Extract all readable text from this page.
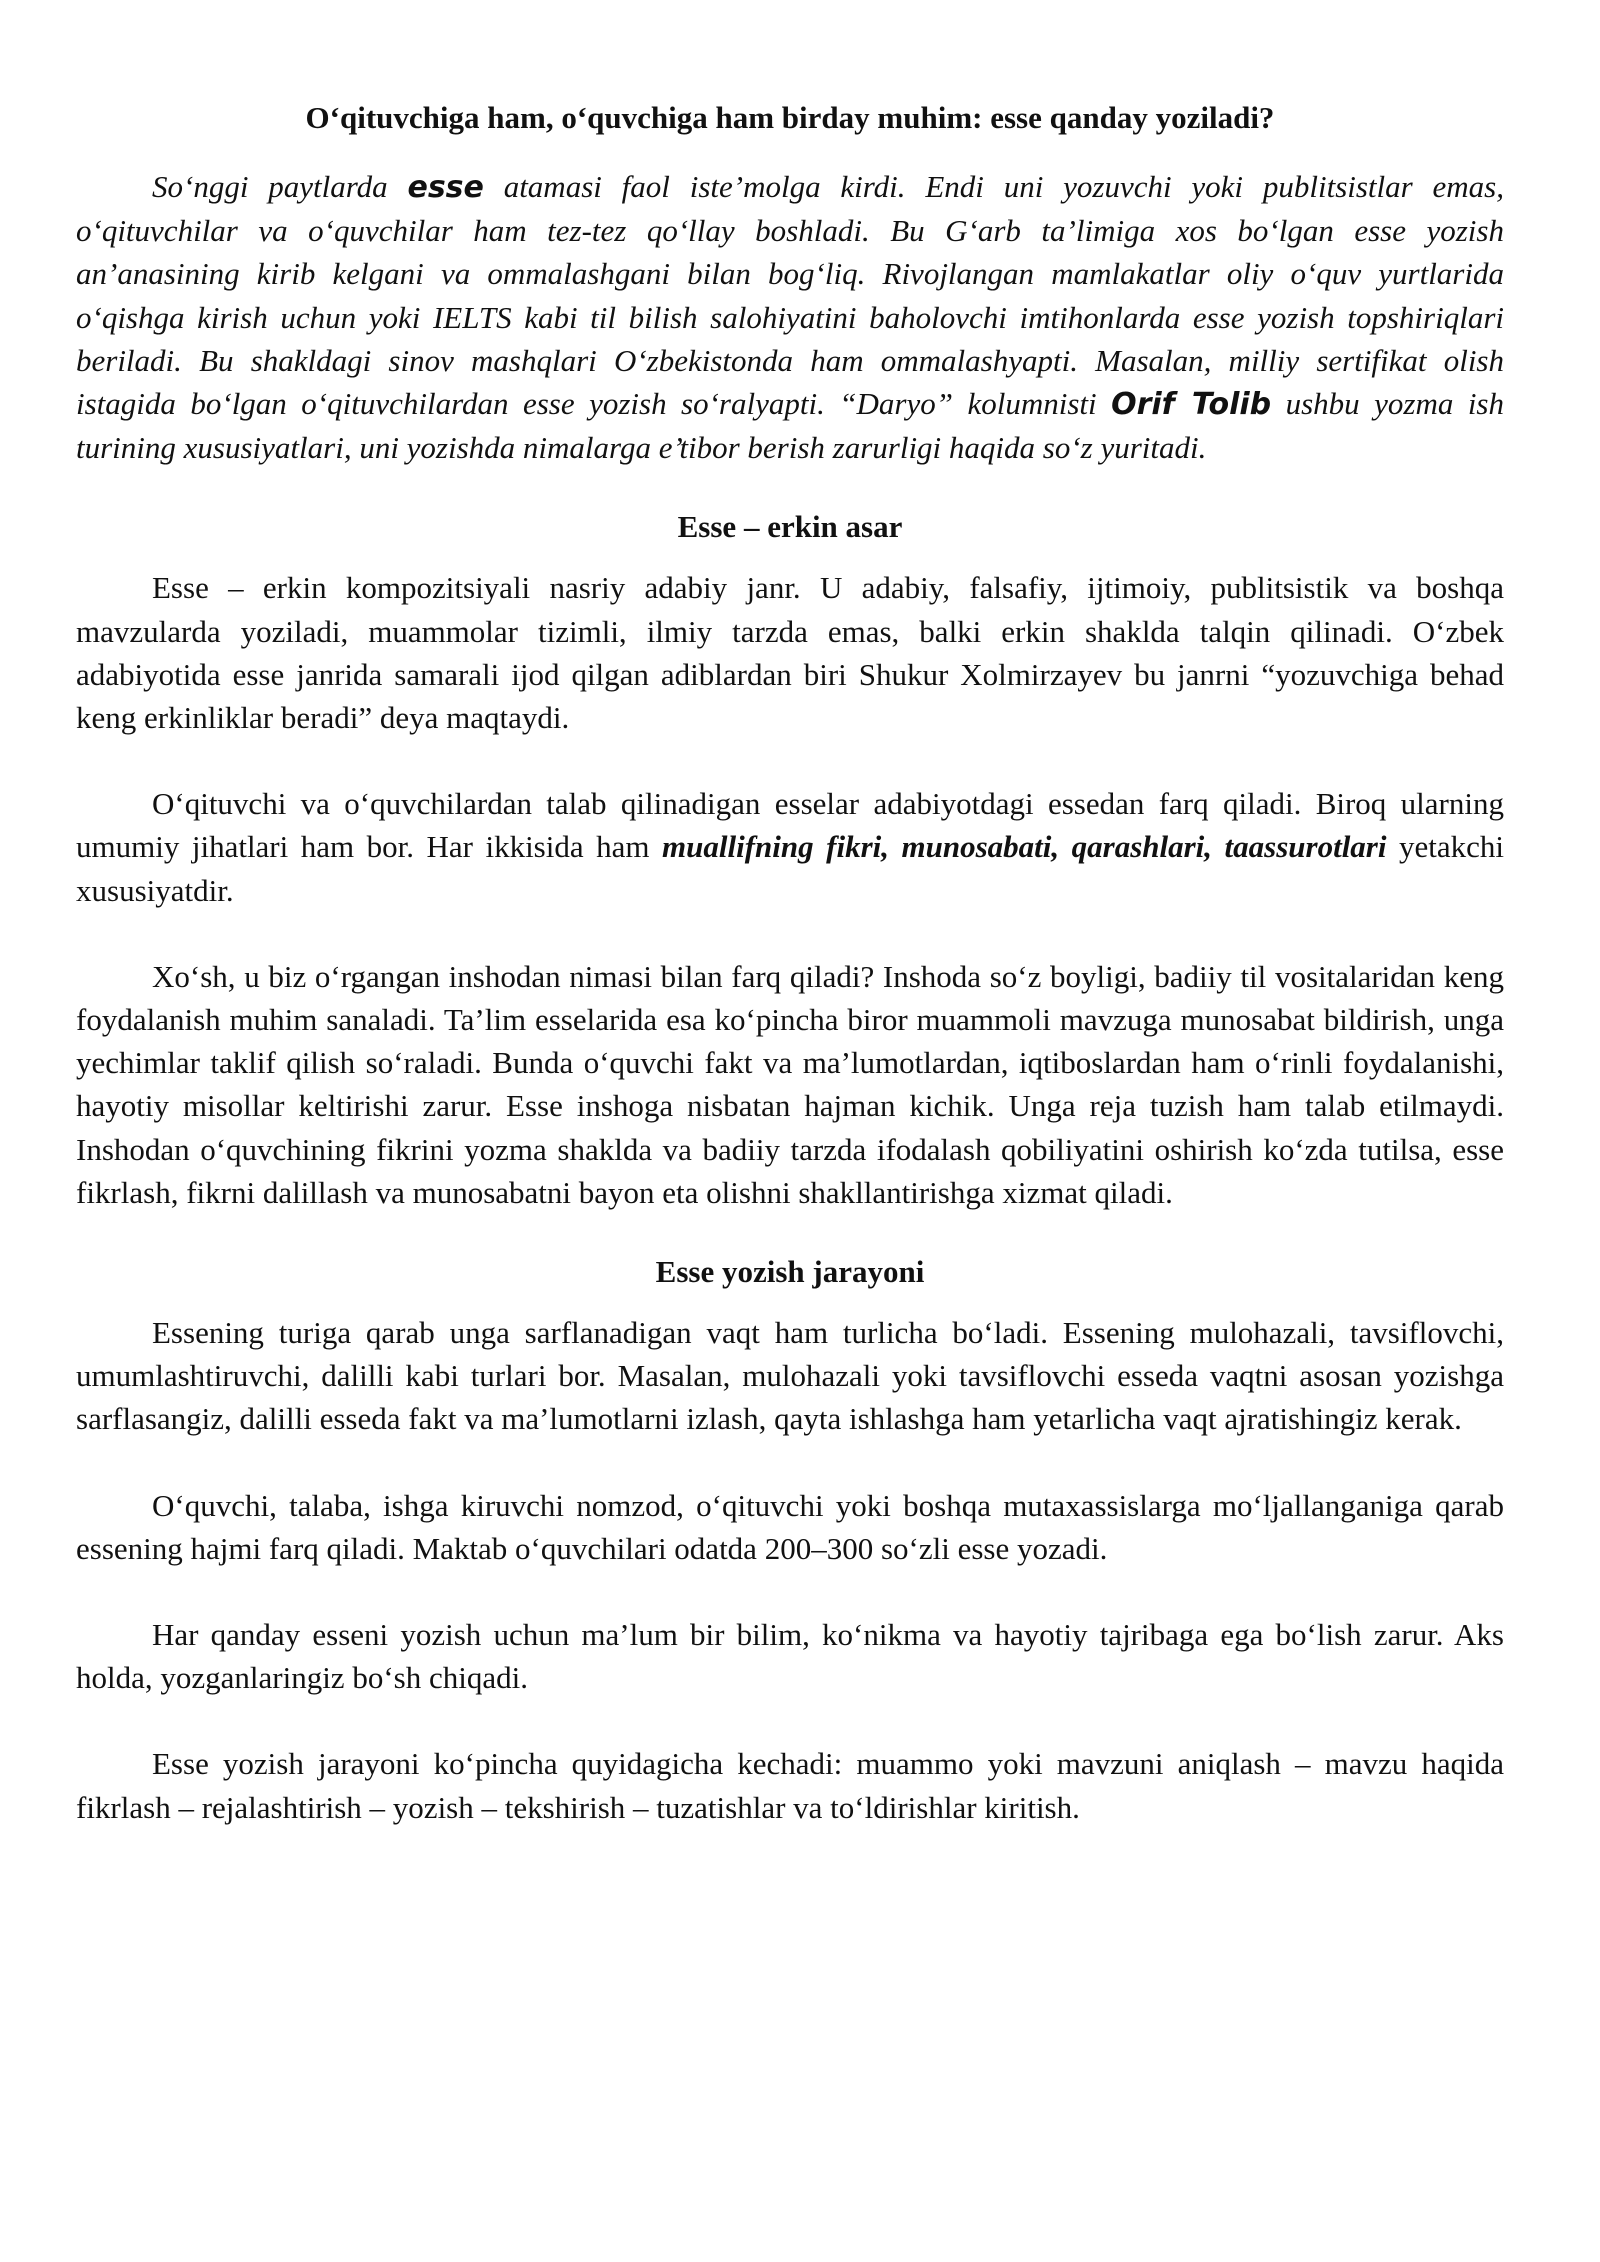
O‘qituvchiga ham, o‘quvchiga ham birday muhim: esse qanday yoziladi?

So‘nggi paytlarda esse atamasi faol iste’molga kirdi. Endi uni yozuvchi yoki publitsistlar emas, o‘qituvchilar va o‘quvchilar ham tez-tez qo‘llay boshladi. Bu G‘arb ta’limiga xos bo‘lgan esse yozish an’anasining kirib kelgani va ommalashgani bilan bog‘liq. Rivojlangan mamlakatlar oliy o‘quv yurtlarida o‘qishga kirish uchun yoki IELTS kabi til bilish salohiyatini baholovchi imtihonlarda esse yozish topshiriqlari beriladi. Bu shakldagi sinov mashqlari O‘zbekistonda ham ommalashyapti. Masalan, milliy sertifikat olish istagida bo‘lgan o‘qituvchilardan esse yozish so‘ralyapti. “Daryo” kolumnisti Orif Tolib ushbu yozma ish turining xususiyatlari, uni yozishda nimalarga e’tibor berish zarurligi haqida so‘z yuritadi.

Esse – erkin asar

Esse – erkin kompozitsiyali nasriy adabiy janr. U adabiy, falsafiy, ijtimoiy, publitsistik va boshqa mavzularda yoziladi, muammolar tizimli, ilmiy tarzda emas, balki erkin shaklda talqin qilinadi. O‘zbek adabiyotida esse janrida samarali ijod qilgan adiblardan biri Shukur Xolmirzayev bu janrni “yozuvchiga behad keng erkinliklar beradi” deya maqtaydi.

O‘qituvchi va o‘quvchilardan talab qilinadigan esselar adabiyotdagi essedan farq qiladi. Biroq ularning umumiy jihatlari ham bor. Har ikkisida ham muallifning fikri, munosabati, qarashlari, taassurotlari yetakchi xususiyatdir.

Xo‘sh, u biz o‘rgangan inshodan nimasi bilan farq qiladi? Inshoda so‘z boyligi, badiiy til vositalaridan keng foydalanish muhim sanaladi. Ta’lim esselarida esa ko‘pincha biror muammoli mavzuga munosabat bildirish, unga yechimlar taklif qilish so‘raladi. Bunda o‘quvchi fakt va ma’lumotlardan, iqtiboslardan ham o‘rinli foydalanishi, hayotiy misollar keltirishi zarur. Esse inshoga nisbatan hajman kichik. Unga reja tuzish ham talab etilmaydi. Inshodan o‘quvchining fikrini yozma shaklda va badiiy tarzda ifodalash qobiliyatini oshirish ko‘zda tutilsa, esse fikrlash, fikrni dalillash va munosabatni bayon eta olishni shakllantirishga xizmat qiladi.

Esse yozish jarayoni

Essening turiga qarab unga sarflanadigan vaqt ham turlicha bo‘ladi. Essening mulohazali, tavsiflovchi, umumlashtiruvchi, dalilli kabi turlari bor. Masalan, mulohazali yoki tavsiflovchi esseda vaqtni asosan yozishga sarflasangiz, dalilli esseda fakt va ma’lumotlarni izlash, qayta ishlashga ham yetarlicha vaqt ajratishingiz kerak.

O‘quvchi, talaba, ishga kiruvchi nomzod, o‘qituvchi yoki boshqa mutaxassislarga mo‘ljallanganiga qarab essening hajmi farq qiladi. Maktab o‘quvchilari odatda 200–300 so‘zli esse yozadi.

Har qanday esseni yozish uchun ma’lum bir bilim, ko‘nikma va hayotiy tajribaga ega bo‘lish zarur. Aks holda, yozganlaringiz bo‘sh chiqadi.

Esse yozish jarayoni ko‘pincha quyidagicha kechadi: muammo yoki mavzuni aniqlash – mavzu haqida fikrlash – rejalashtirish – yozish – tekshirish – tuzatishlar va to‘ldirishlar kiritish.
